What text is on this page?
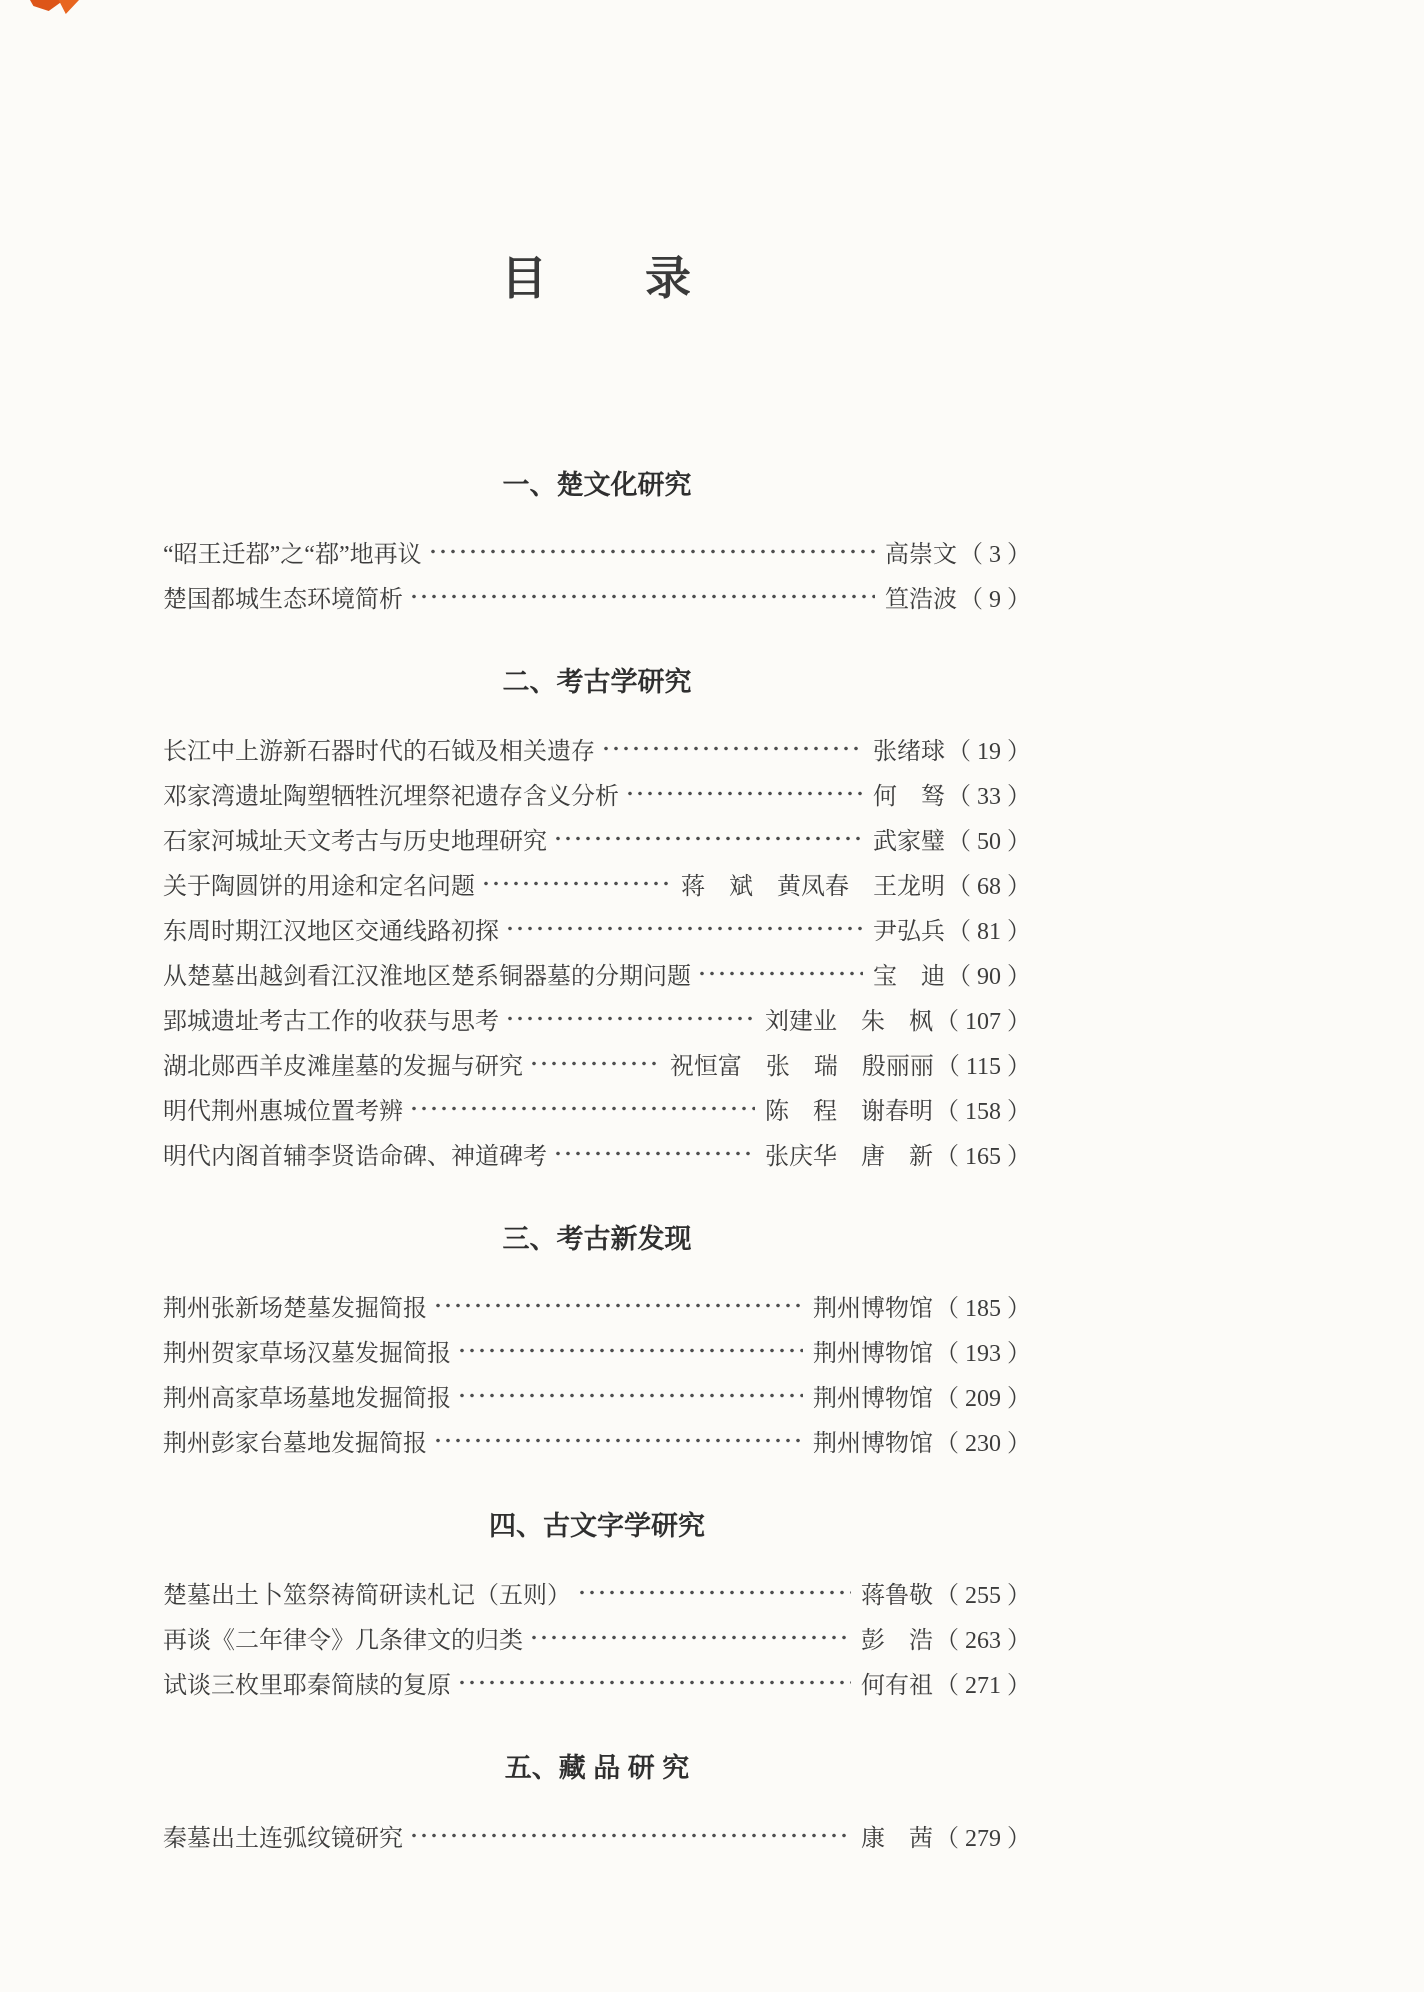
目　　录
一、楚文化研究
“昭王迁鄀”之“鄀”地再议	高崇文 （ 3 ）
楚国都城生态环境简析	笪浩波 （ 9 ）
二、考古学研究
长江中上游新石器时代的石钺及相关遗存	张绪球 （ 19 ）
邓家湾遗址陶塑牺牲沉埋祭祀遗存含义分析	何　驽 （ 33 ）
石家河城址天文考古与历史地理研究	武家璧 （ 50 ）
关于陶圆饼的用途和定名问题	蒋　斌　黄凤春　王龙明 （ 68 ）
东周时期江汉地区交通线路初探	尹弘兵 （ 81 ）
从楚墓出越剑看江汉淮地区楚系铜器墓的分期问题	宝　迪 （ 90 ）
郢城遗址考古工作的收获与思考	刘建业　朱　枫 （ 107 ）
湖北郧西羊皮滩崖墓的发掘与研究	祝恒富　张　瑞　殷丽丽 （ 115 ）
明代荆州惠城位置考辨	陈　程　谢春明 （ 158 ）
明代内阁首辅李贤诰命碑、神道碑考	张庆华　唐　新 （ 165 ）
三、考古新发现
荆州张新场楚墓发掘简报	荆州博物馆 （ 185 ）
荆州贺家草场汉墓发掘简报	荆州博物馆 （ 193 ）
荆州高家草场墓地发掘简报	荆州博物馆 （ 209 ）
荆州彭家台墓地发掘简报	荆州博物馆 （ 230 ）
四、古文字学研究
楚墓出土卜筮祭祷简研读札记（五则）	蒋鲁敬 （ 255 ）
再谈《二年律令》几条律文的归类	彭　浩 （ 263 ）
试谈三枚里耶秦简牍的复原	何有祖 （ 271 ）
五、藏 品 研 究
秦墓出土连弧纹镜研究	康　茜 （ 279 ）
